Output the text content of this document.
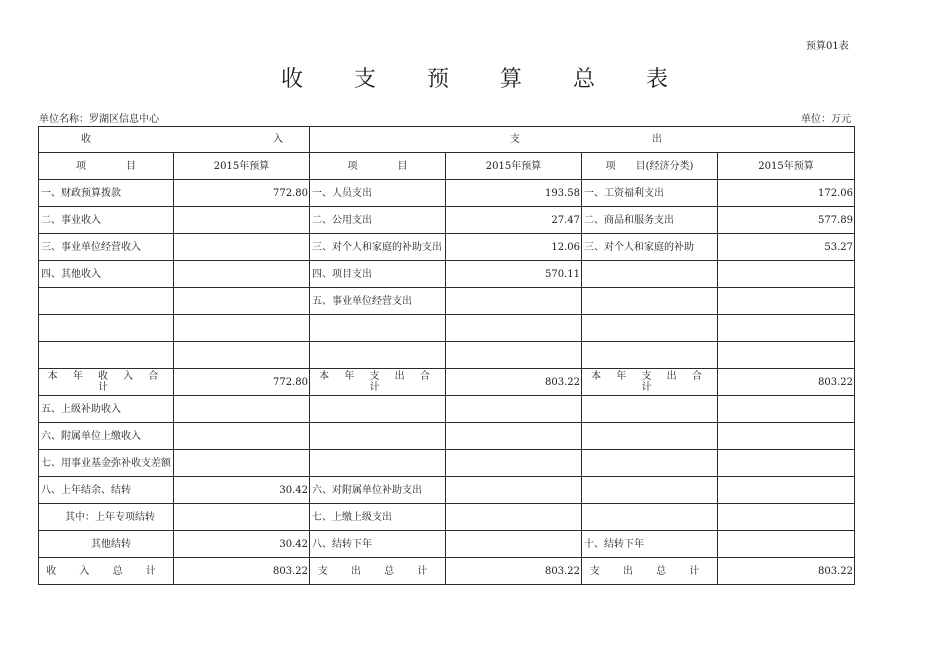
预算01表
收 支 预 算 总 表
单位名称：罗湖区信息中心	单位：万元
收 入		支 出			

项　　　　目	2015年预算	项　　　　目	2015年预算	项　　目(经济分类)	2015年预算
一、财政预算拨款	772.80	一、人员支出	193.58	一、工资福利支出	172.06
二、事业收入		二、公用支出	27.47	二、商品和服务支出	577.89
三、事业单位经营收入		三、对个人和家庭的补助支出	12.06	三、对个人和家庭的补助	53.27
四、其他收入		四、项目支出	570.11		
		五、事业单位经营支出			

本 年 收 入 合 计	772.80	本 年 支 出 合 计	803.22	本 年 支 出 合 计	803.22
五、上级补助收入					
六、附属单位上缴收入					
七、用事业基金弥补收支差额					
八、上年结余、结转	30.42	六、对附属单位补助支出			
其中：上年专项结转		七、上缴上级支出			
其他结转	30.42	八、结转下年		十、结转下年	
收 入 总 计	803.22	支 出 总 计	803.22	支 出 总 计	803.22
